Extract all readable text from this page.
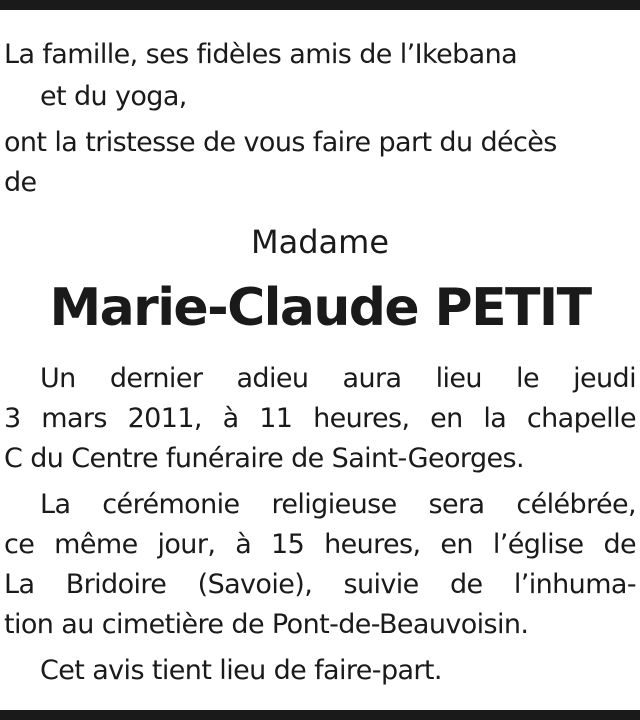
La famille, ses fidèles amis de l’Ikebana
et du yoga,
ont la tristesse de vous faire part du décès
de
Madame
Marie-Claude PETIT
Un dernier adieu aura lieu le jeudi
3 mars 2011, à 11 heures, en la chapelle
C du Centre funéraire de Saint-Georges.
La cérémonie religieuse sera célébrée,
ce même jour, à 15 heures, en l’église de
La Bridoire (Savoie), suivie de l’inhuma-
tion au cimetière de Pont-de-Beauvoisin.
Cet avis tient lieu de faire-part.
